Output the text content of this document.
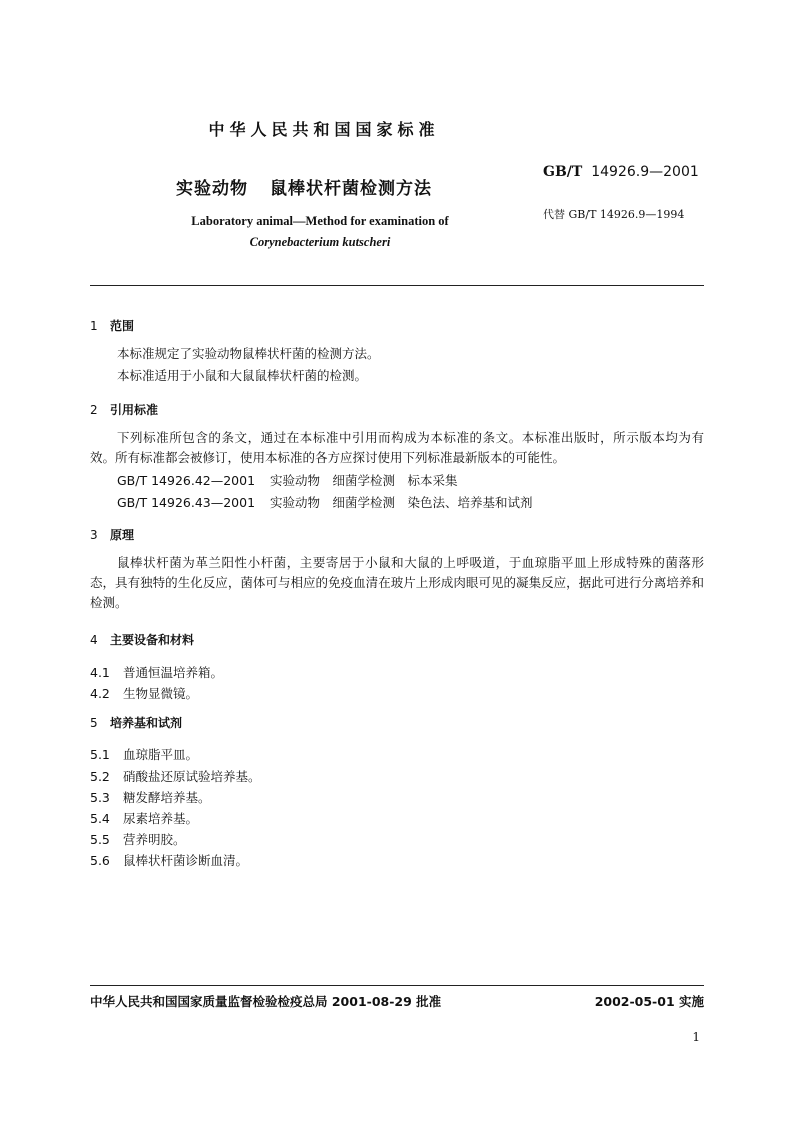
中华人民共和国国家标准
实验动物 鼠棒状杆菌检测方法
GB/T 14926.9—2001
代替 GB/T 14926.9—1994
Laboratory animal—Method for examination of
Corynebacterium kutscheri
1 范围
本标准规定了实验动物鼠棒状杆菌的检测方法。
本标准适用于小鼠和大鼠鼠棒状杆菌的检测。
2 引用标准
下列标准所包含的条文，通过在本标准中引用而构成为本标准的条文。本标准出版时，所示版本均为有效。所有标准都会被修订，使用本标准的各方应探讨使用下列标准最新版本的可能性。
GB/T 14926.42—2001 实验动物　细菌学检测　标本采集
GB/T 14926.43—2001 实验动物　细菌学检测　染色法、培养基和试剂
3 原理
鼠棒状杆菌为革兰阳性小杆菌，主要寄居于小鼠和大鼠的上呼吸道，于血琼脂平皿上形成特殊的菌落形态，具有独特的生化反应，菌体可与相应的免疫血清在玻片上形成肉眼可见的凝集反应，据此可进行分离培养和检测。
4 主要设备和材料
4.1 普通恒温培养箱。
4.2 生物显微镜。
5 培养基和试剂
5.1 血琼脂平皿。
5.2 硝酸盐还原试验培养基。
5.3 糖发酵培养基。
5.4 尿素培养基。
5.5 营养明胶。
5.6 鼠棒状杆菌诊断血清。
中华人民共和国国家质量监督检验检疫总局 2001-08-29 批准	2002-05-01 实施
1
